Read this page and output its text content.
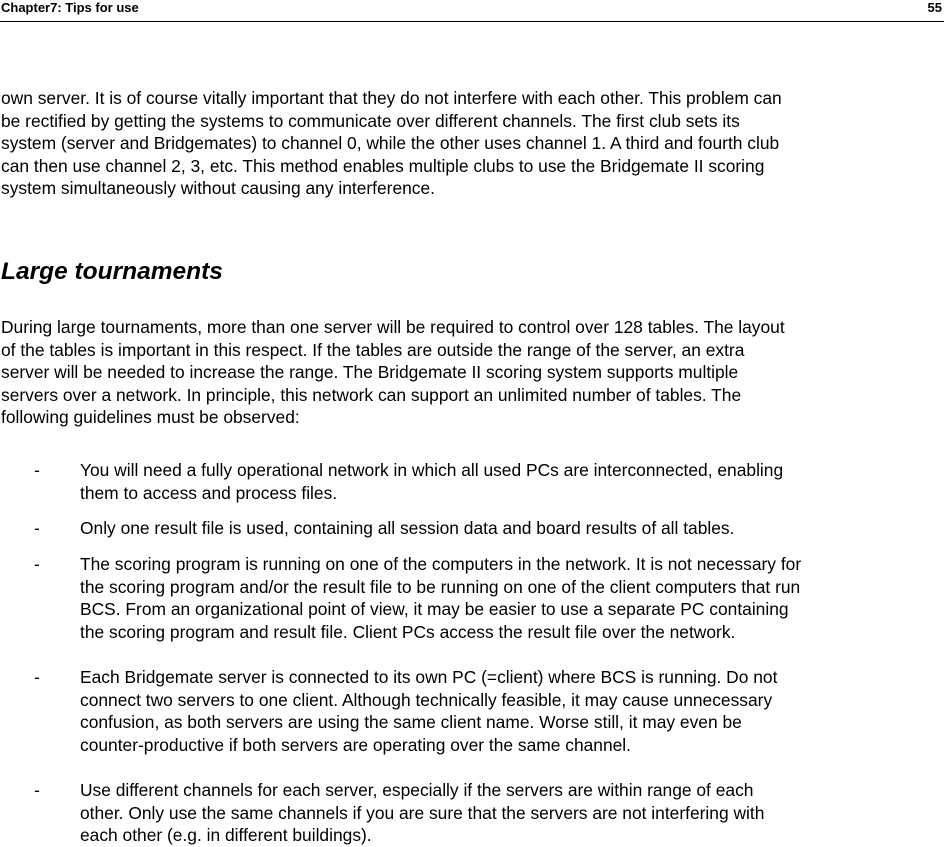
Chapter7: Tips for use	55

own server. It is of course vitally important that they do not interfere with each other. This problem can
be rectified by getting the systems to communicate over different channels. The first club sets its
system (server and Bridgemates) to channel 0, while the other uses channel 1. A third and fourth club
can then use channel 2, 3, etc. This method enables multiple clubs to use the Bridgemate II scoring
system simultaneously without causing any interference.

Large tournaments

During large tournaments, more than one server will be required to control over 128 tables. The layout
of the tables is important in this respect. If the tables are outside the range of the server, an extra
server will be needed to increase the range. The Bridgemate II scoring system supports multiple
servers over a network. In principle, this network can support an unlimited number of tables. The
following guidelines must be observed:

- You will need a fully operational network in which all used PCs are interconnected, enabling
them to access and process files.
- Only one result file is used, containing all session data and board results of all tables.
- The scoring program is running on one of the computers in the network. It is not necessary for
the scoring program and/or the result file to be running on one of the client computers that run
BCS. From an organizational point of view, it may be easier to use a separate PC containing
the scoring program and result file. Client PCs access the result file over the network.
- Each Bridgemate server is connected to its own PC (=client) where BCS is running. Do not
connect two servers to one client. Although technically feasible, it may cause unnecessary
confusion, as both servers are using the same client name. Worse still, it may even be
counter-productive if both servers are operating over the same channel.
- Use different channels for each server, especially if the servers are within range of each
other. Only use the same channels if you are sure that the servers are not interfering with
each other (e.g. in different buildings).
